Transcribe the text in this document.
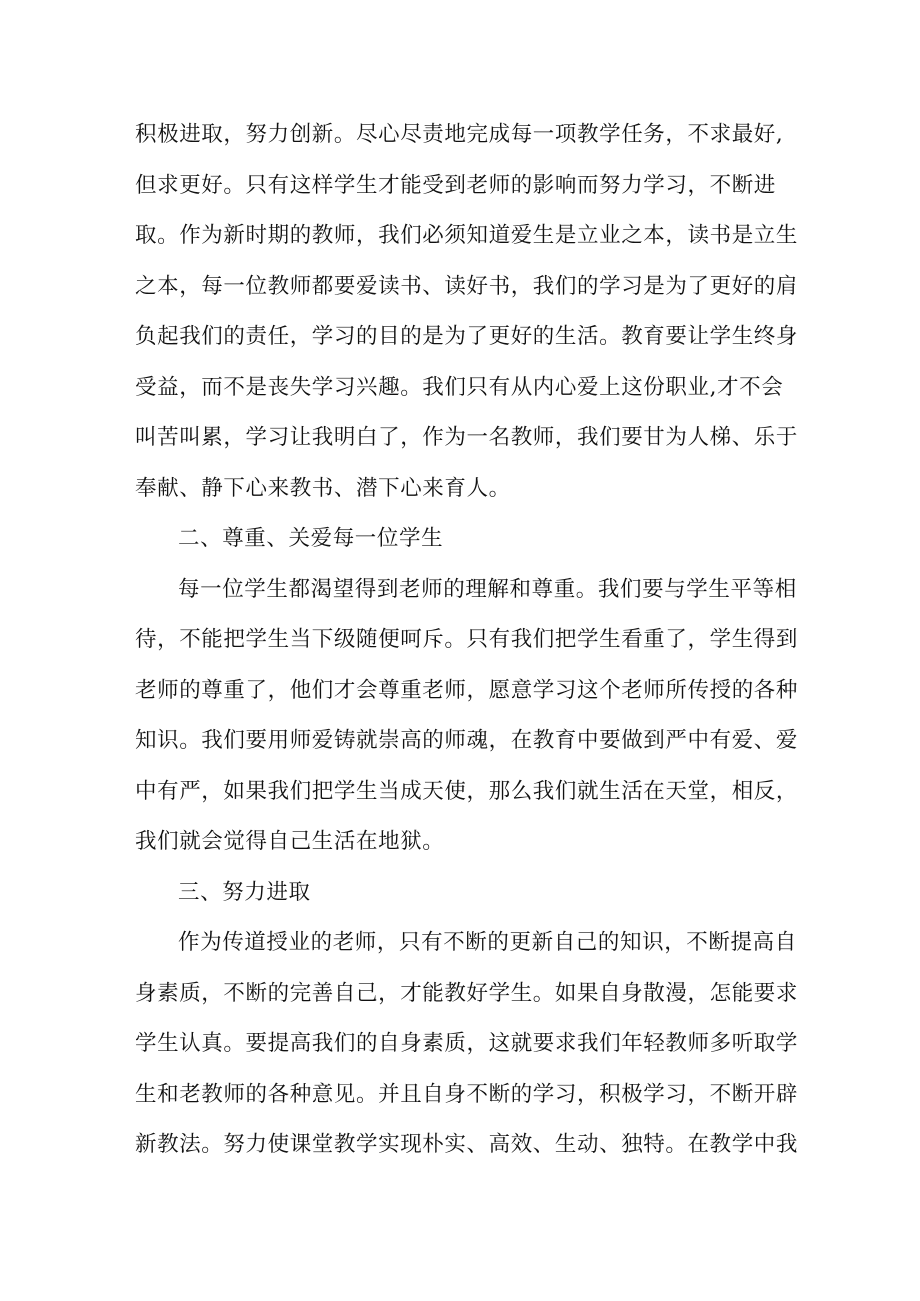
积极进取，努力创新。尽心尽责地完成每一项教学任务，不求最好,
但求更好。只有这样学生才能受到老师的影响而努力学习，不断进
取。作为新时期的教师，我们必须知道爱生是立业之本，读书是立生
之本，每一位教师都要爱读书、读好书，我们的学习是为了更好的肩
负起我们的责任，学习的目的是为了更好的生活。教育要让学生终身
受益，而不是丧失学习兴趣。我们只有从内心爱上这份职业,才不会
叫苦叫累，学习让我明白了，作为一名教师，我们要甘为人梯、乐于
奉献、静下心来教书、潜下心来育人。
二、尊重、关爱每一位学生
每一位学生都渴望得到老师的理解和尊重。我们要与学生平等相
待，不能把学生当下级随便呵斥。只有我们把学生看重了，学生得到
老师的尊重了，他们才会尊重老师，愿意学习这个老师所传授的各种
知识。我们要用师爱铸就崇高的师魂，在教育中要做到严中有爱、爱
中有严，如果我们把学生当成天使，那么我们就生活在天堂，相反，
我们就会觉得自己生活在地狱。
三、努力进取
作为传道授业的老师，只有不断的更新自己的知识，不断提高自
身素质，不断的完善自己，才能教好学生。如果自身散漫，怎能要求
学生认真。要提高我们的自身素质，这就要求我们年轻教师多听取学
生和老教师的各种意见。并且自身不断的学习，积极学习，不断开辟
新教法。努力使课堂教学实现朴实、高效、生动、独特。在教学中我
